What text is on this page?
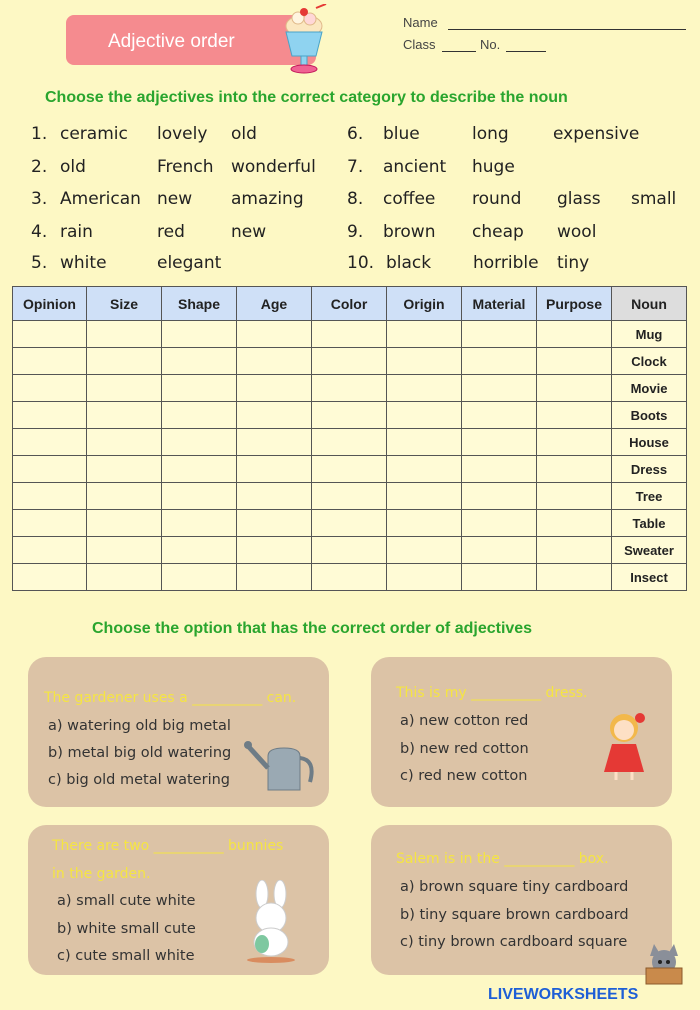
Adjective order
Name
Class	No.
Choose the adjectives into the correct category to describe the noun
1. ceramic lovely old
2. old	French wonderful
3. American new amazing
4. rain	red	new
5. white	elegant
6. blue	long	expensive
7. ancient huge
8. coffee round glass small
9. brown cheap wool
10. black horrible tiny
Opinion	Size	Shape	Age	Color	Origin	Material	Purpose	Noun
								Mug
								Clock
								Movie
								Boots
								House
								Dress
								Tree
								Table
								Sweater
								Insect
Choose the option that has the correct order of adjectives
The gardener uses a __________ can.
a) watering old big metal
b) metal big old watering
c) big old metal watering
This is my __________ dress.
a) new cotton red
b) new red cotton
c) red new cotton
There are two __________ bunnies
in the garden.
a) small cute white
b) white small cute
c) cute small white
Salem is in the __________ box.
a) brown square tiny cardboard
b) tiny square brown cardboard
c) tiny brown cardboard square
LIVEWORKSHEETS
